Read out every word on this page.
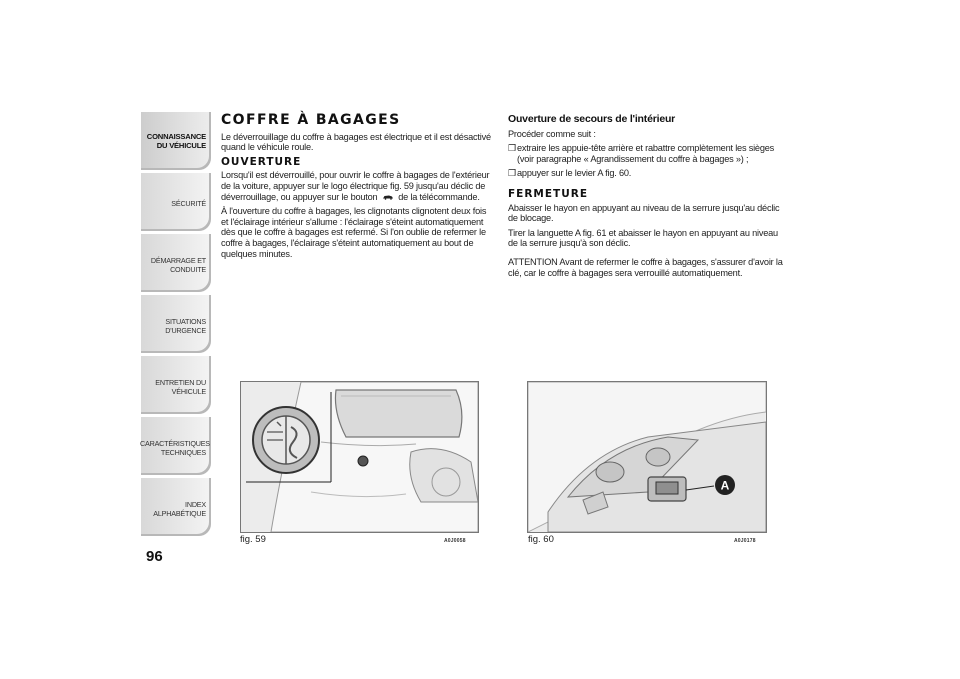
CONNAISSANCE
DU VÉHICULE
SÉCURITÉ
DÉMARRAGE ET
CONDUITE
SITUATIONS
D'URGENCE
ENTRETIEN DU
VÉHICULE
CARACTÉRISTIQUES
TECHNIQUES
INDEX
ALPHABÉTIQUE
96
COFFRE À BAGAGES

Le déverrouillage du coffre à bagages est électrique et il est désactivé quand le véhicule roule.

OUVERTURE

Lorsqu'il est déverrouillé, pour ouvrir le coffre à bagages de l'extérieur de la voiture, appuyer sur le logo électrique fig. 59 jusqu'au déclic de déverrouillage, ou appuyer sur le bouton de la télécommande.

À l'ouverture du coffre à bagages, les clignotants clignotent deux fois et l'éclairage intérieur s'allume : l'éclairage s'éteint automatiquement dès que le coffre à bagages est refermé. Si l'on oublie de refermer le coffre à bagages, l'éclairage s'éteint automatiquement au bout de quelques minutes.

Ouverture de secours de l'intérieur

Procéder comme suit :

❒ extraire les appuie-tête arrière et rabattre complètement les sièges (voir paragraphe « Agrandissement du coffre à bagages ») ;
❒ appuyer sur le levier A fig. 60.
FERMETURE

Abaisser le hayon en appuyant au niveau de la serrure jusqu'au déclic de blocage.

Tirer la languette A fig. 61 et abaisser le hayon en appuyant au niveau de la serrure jusqu'à son déclic.

ATTENTION Avant de refermer le coffre à bagages, s'assurer d'avoir la clé, car le coffre à bagages sera verrouillé automatiquement.

fig. 59	A0J0058
A
fig. 60	A0J0178
